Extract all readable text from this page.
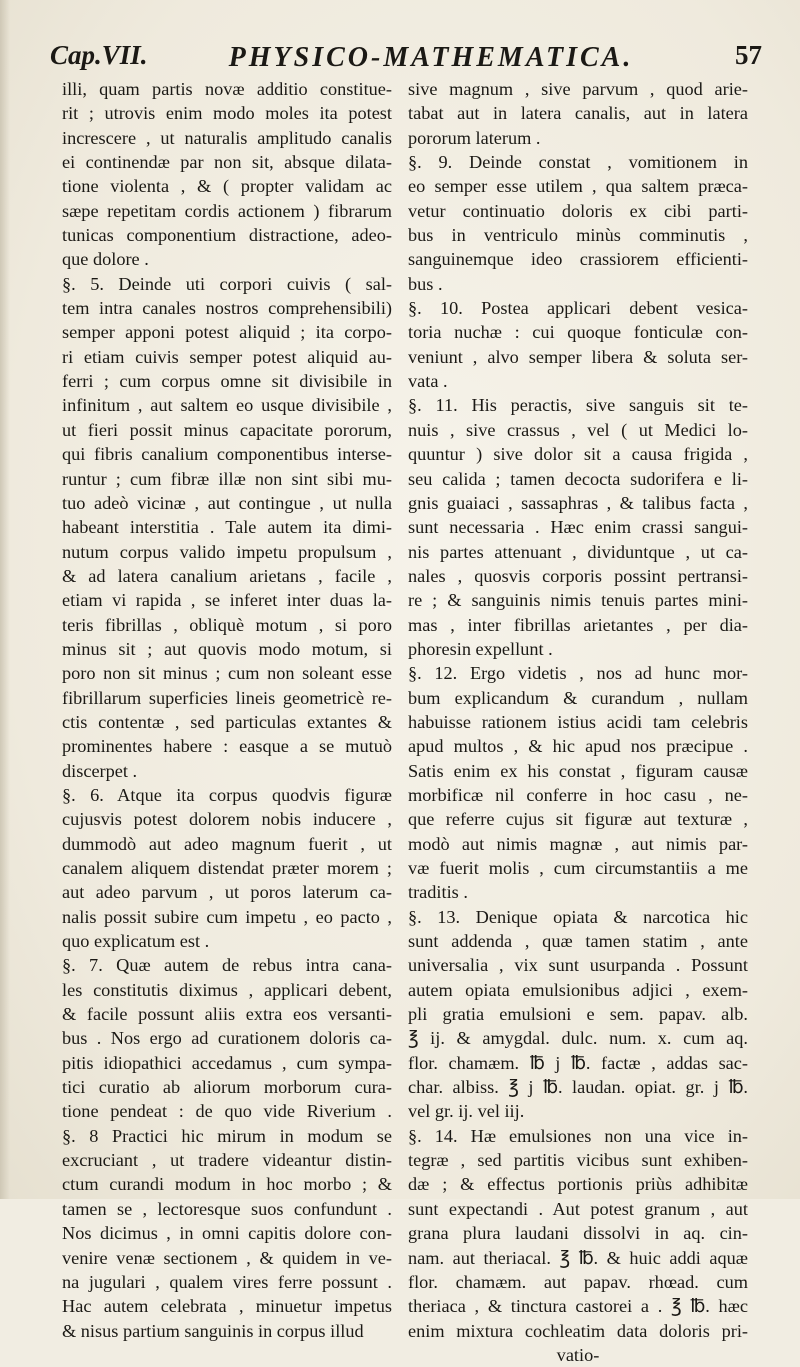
Cap.VII.	PHYSICO-MATHEMATICA.	57
illi, quam partis novæ additio constitue-
rit ; utrovis enim modo moles ita potest
increscere , ut naturalis amplitudo canalis
ei continendæ par non sit, absque dilata-
tione violenta , & ( propter validam ac
sæpe repetitam cordis actionem ) fibrarum
tunicas componentium distractione, adeo-
que dolore .
§. 5. Deinde uti corpori cuivis ( sal-
tem intra canales nostros comprehensibili)
semper apponi potest aliquid ; ita corpo-
ri etiam cuivis semper potest aliquid au-
ferri ; cum corpus omne sit divisibile in
infinitum , aut saltem eo usque divisibile ,
ut fieri possit minus capacitate pororum,
qui fibris canalium componentibus interse-
runtur ; cum fibræ illæ non sint sibi mu-
tuo adeò vicinæ , aut contingue , ut nulla
habeant interstitia . Tale autem ita dimi-
nutum corpus valido impetu propulsum ,
& ad latera canalium arietans , facile ,
etiam vi rapida , se inferet inter duas la-
teris fibrillas , obliquè motum , si poro
minus sit ; aut quovis modo motum, si
poro non sit minus ; cum non soleant esse
fibrillarum superficies lineis geometricè re-
ctis contentæ , sed particulas extantes &
prominentes habere : easque a se mutuò
discerpet .
§. 6. Atque ita corpus quodvis figuræ
cujusvis potest dolorem nobis inducere ,
dummodò aut adeo magnum fuerit , ut
canalem aliquem distendat præter morem ;
aut adeo parvum , ut poros laterum ca-
nalis possit subire cum impetu , eo pacto ,
quo explicatum est .
§. 7. Quæ autem de rebus intra cana-
les constitutis diximus , applicari debent,
& facile possunt aliis extra eos versanti-
bus . Nos ergo ad curationem doloris ca-
pitis idiopathici accedamus , cum sympa-
tici curatio ab aliorum morborum cura-
tione pendeat : de quo vide Riverium .
§. 8 Practici hic mirum in modum se
excruciant , ut tradere videantur distin-
ctum curandi modum in hoc morbo ; &
tamen se , lectoresque suos confundunt .
Nos dicimus , in omni capitis dolore con-
venire venæ sectionem , & quidem in ve-
na jugulari , qualem vires ferre possunt .
Hac autem celebrata , minuetur impetus
& nisus partium sanguinis in corpus illud
sive magnum , sive parvum , quod arie-
tabat aut in latera canalis, aut in latera
pororum laterum .
§. 9. Deinde constat , vomitionem in
eo semper esse utilem , qua saltem præca-
vetur continuatio doloris ex cibi parti-
bus in ventriculo minùs comminutis ,
sanguinemque ideo crassiorem efficienti-
bus .
§. 10. Postea applicari debent vesica-
toria nuchæ : cui quoque fonticulæ con-
veniunt , alvo semper libera & soluta ser-
vata .
§. 11. His peractis, sive sanguis sit te-
nuis , sive crassus , vel ( ut Medici lo-
quuntur ) sive dolor sit a causa frigida ,
seu calida ; tamen decocta sudorifera e li-
gnis guaiaci , sassaphras , & talibus facta ,
sunt necessaria . Hæc enim crassi sangui-
nis partes attenuant , dividuntque , ut ca-
nales , quosvis corporis possint pertransi-
re ; & sanguinis nimis tenuis partes mini-
mas , inter fibrillas arietantes , per dia-
phoresin expellunt .
§. 12. Ergo videtis , nos ad hunc mor-
bum explicandum & curandum , nullam
habuisse rationem istius acidi tam celebris
apud multos , & hic apud nos præcipue .
Satis enim ex his constat , figuram causæ
morbificæ nil conferre in hoc casu , ne-
que referre cujus sit figuræ aut texturæ ,
modò aut nimis magnæ , aut nimis par-
væ fuerit molis , cum circumstantiis a me
traditis .
§. 13. Denique opiata & narcotica hic
sunt addenda , quæ tamen statim , ante
universalia , vix sunt usurpanda . Possunt
autem opiata emulsionibus adjici , exem-
pli gratia emulsioni e sem. papav. alb.
℥ ij. & amygdal. dulc. num. x. cum aq.
flor. chamæm. ℔ j ℔. factæ , addas sac-
char. albiss. ℥ j ℔. laudan. opiat. gr. j ℔.
vel gr. ij. vel iij.
§. 14. Hæ emulsiones non una vice in-
tegræ , sed partitis vicibus sunt exhiben-
dæ ; & effectus portionis priùs adhibitæ
sunt expectandi . Aut potest granum , aut
grana plura laudani dissolvi in aq. cin-
nam. aut theriacal. ℥ ℔. & huic addi aquæ
flor. chamæm. aut papav. rhœad. cum
theriaca , & tinctura castorei a . ℥ ℔. hæc
enim mixtura cochleatim data doloris pri-
vatio-
